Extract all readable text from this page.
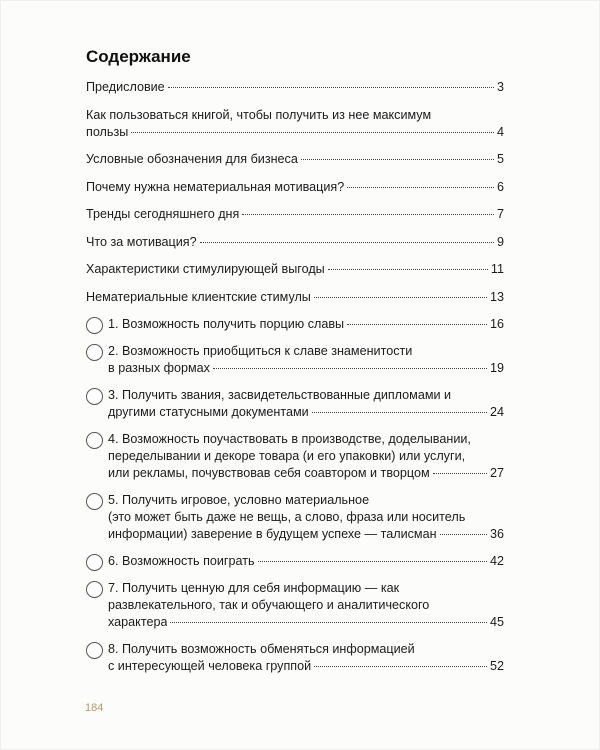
Содержание
Предисловие	3
Как пользоваться книгой, чтобы получить из нее максимум
пользы	4
Условные обозначения для бизнеса	5
Почему нужна нематериальная мотивация?	6
Тренды сегодняшнего дня	7
Что за мотивация?	9
Характеристики стимулирующей выгоды	11
Нематериальные клиентские стимулы	13
1. Возможность получить порцию славы	16
2. Возможность приобщиться к славе знаменитости
в разных формах	19
3. Получить звания, засвидетельствованные дипломами и
другими статусными документами	24
4. Возможность поучаствовать в производстве, доделывании,
переделывании и декоре товара (и его упаковки) или услуги,
или рекламы, почувствовав себя соавтором и творцом	27
5. Получить игровое, условно материальное
(это может быть даже не вещь, а слово, фраза или носитель
информации) заверение в будущем успехе — талисман	36
6. Возможность поиграть	42
7. Получить ценную для себя информацию — как
развлекательного, так и обучающего и аналитического
характера	45
8. Получить возможность обменяться информацией
с интересующей человека группой	52
184
